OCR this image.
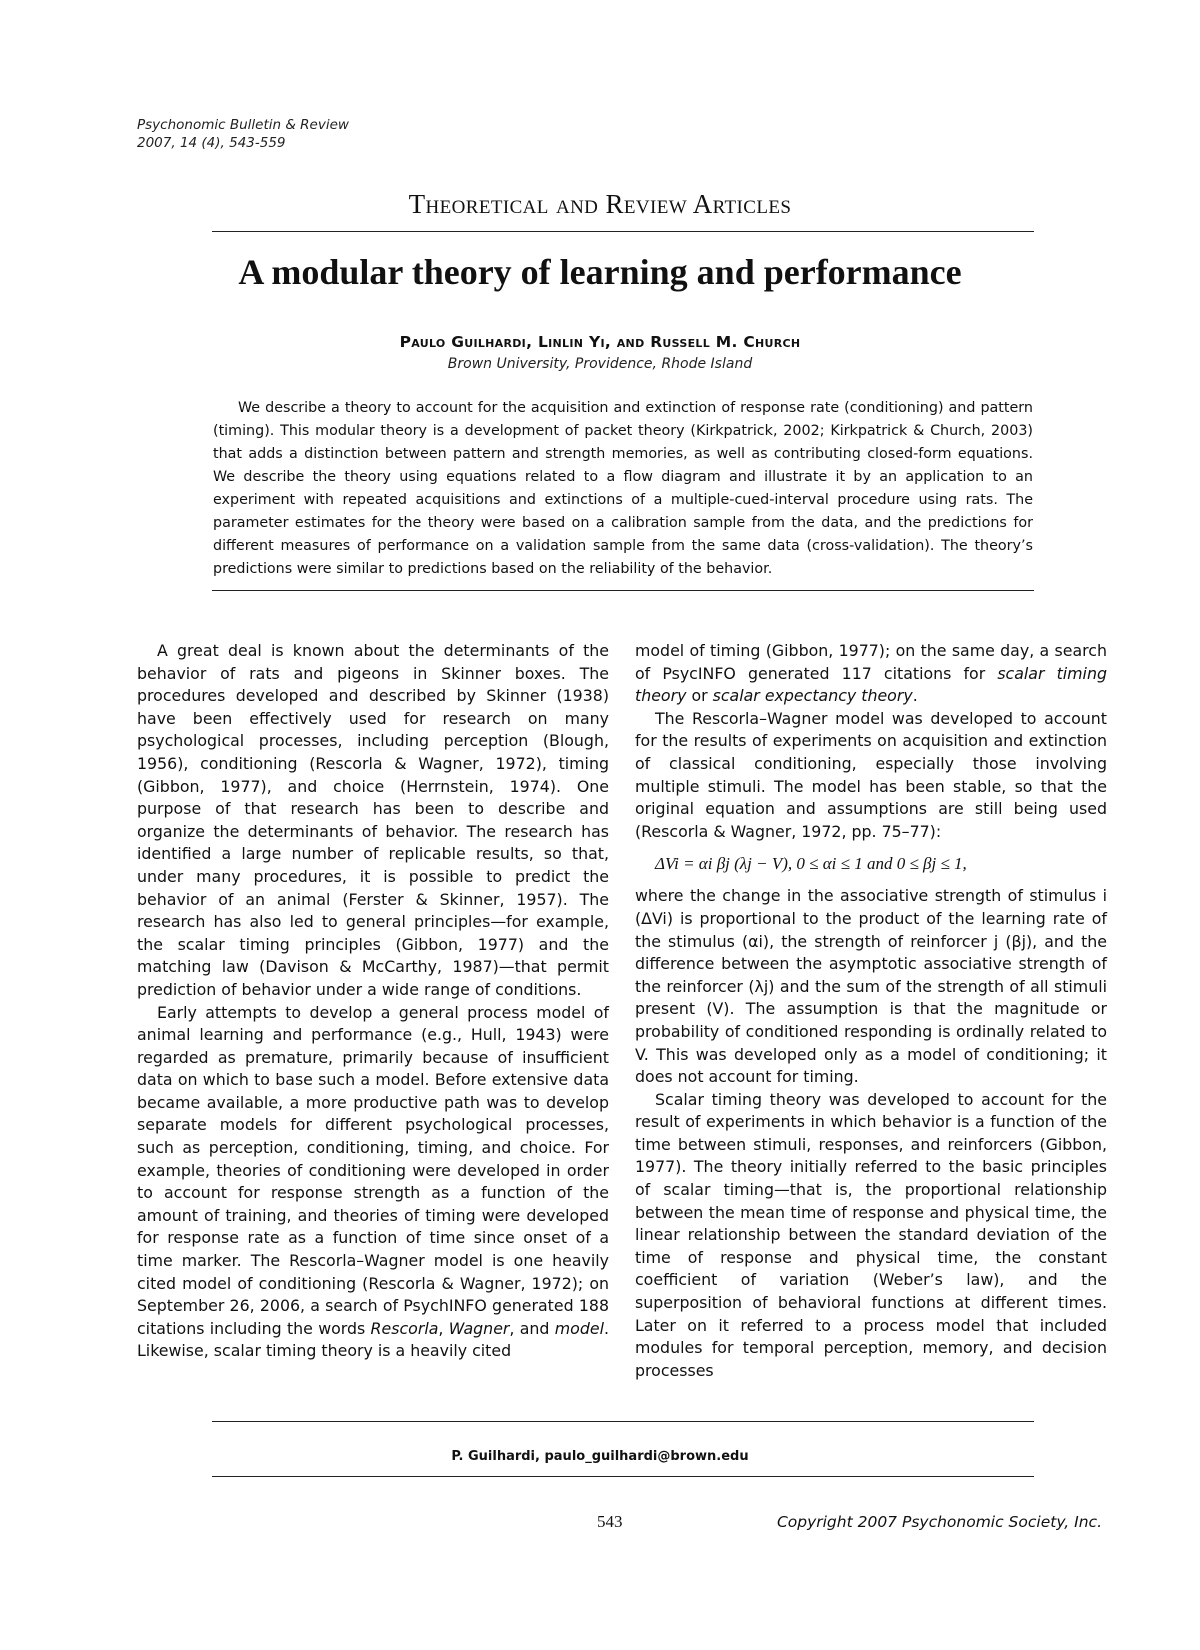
Psychonomic Bulletin & Review
2007, 14 (4), 543-559
Theoretical and Review Articles
A modular theory of learning and performance
Paulo Guilhardi, Linlin Yi, and Russell M. Church
Brown University, Providence, Rhode Island

We describe a theory to account for the acquisition and extinction of response rate (conditioning) and pattern (timing). This modular theory is a development of packet theory (Kirkpatrick, 2002; Kirkpatrick & Church, 2003) that adds a distinction between pattern and strength memories, as well as contributing closed-form equations. We describe the theory using equations related to a flow diagram and illustrate it by an application to an experiment with repeated acquisitions and extinctions of a multiple-cued-interval procedure using rats. The parameter estimates for the theory were based on a calibration sample from the data, and the predictions for different measures of performance on a validation sample from the same data (cross-validation). The theory’s predictions were similar to predictions based on the reliability of the behavior.

A great deal is known about the determinants of the behavior of rats and pigeons in Skinner boxes. The procedures developed and described by Skinner (1938) have been effectively used for research on many psychological processes, including perception (Blough, 1956), conditioning (Rescorla & Wagner, 1972), timing (Gibbon, 1977), and choice (Herrnstein, 1974). One purpose of that research has been to describe and organize the determinants of behavior. The research has identified a large number of replicable results, so that, under many procedures, it is possible to predict the behavior of an animal (Ferster & Skinner, 1957). The research has also led to general principles—for example, the scalar timing principles (Gibbon, 1977) and the matching law (Davison & McCarthy, 1987)—that permit prediction of behavior under a wide range of conditions.

Early attempts to develop a general process model of animal learning and performance (e.g., Hull, 1943) were regarded as premature, primarily because of insufficient data on which to base such a model. Before extensive data became available, a more productive path was to develop separate models for different psychological processes, such as perception, conditioning, timing, and choice. For example, theories of conditioning were developed in order to account for response strength as a function of the amount of training, and theories of timing were developed for response rate as a function of time since onset of a time marker. The Rescorla–Wagner model is one heavily cited model of conditioning (Rescorla & Wagner, 1972); on September 26, 2006, a search of PsychINFO generated 188 citations including the words Rescorla, Wagner, and model. Likewise, scalar timing theory is a heavily cited

model of timing (Gibbon, 1977); on the same day, a search of PsycINFO generated 117 citations for scalar timing theory or scalar expectancy theory.

The Rescorla–Wagner model was developed to account for the results of experiments on acquisition and extinction of classical conditioning, especially those involving multiple stimuli. The model has been stable, so that the original equation and assumptions are still being used (Rescorla & Wagner, 1972, pp. 75–77):

ΔVi = αi βj (λj − V), 0 ≤ αi ≤ 1 and 0 ≤ βj ≤ 1,

where the change in the associative strength of stimulus i (ΔVi) is proportional to the product of the learning rate of the stimulus (αi), the strength of reinforcer j (βj), and the difference between the asymptotic associative strength of the reinforcer (λj) and the sum of the strength of all stimuli present (V). The assumption is that the magnitude or probability of conditioned responding is ordinally related to V. This was developed only as a model of conditioning; it does not account for timing.

Scalar timing theory was developed to account for the result of experiments in which behavior is a function of the time between stimuli, responses, and reinforcers (Gibbon, 1977). The theory initially referred to the basic principles of scalar timing—that is, the proportional relationship between the mean time of response and physical time, the linear relationship between the standard deviation of the time of response and physical time, the constant coefficient of variation (Weber’s law), and the superposition of behavioral functions at different times. Later on it referred to a process model that included modules for temporal perception, memory, and decision processes

P. Guilhardi, paulo_guilhardi@brown.edu
543	Copyright 2007 Psychonomic Society, Inc.
